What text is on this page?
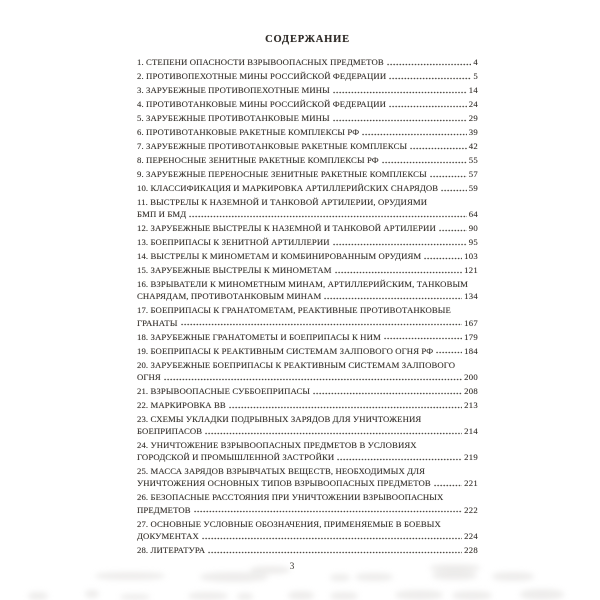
СОДЕРЖАНИЕ
1. СТЕПЕНИ ОПАСНОСТИ ВЗРЫВООПАСНЫХ ПРЕДМЕТОВ	4
2. ПРОТИВОПЕХОТНЫЕ МИНЫ РОССИЙСКОЙ ФЕДЕРАЦИИ	5
3. ЗАРУБЕЖНЫЕ ПРОТИВОПЕХОТНЫЕ МИНЫ	14
4. ПРОТИВОТАНКОВЫЕ МИНЫ РОССИЙСКОЙ ФЕДЕРАЦИИ	24
5. ЗАРУБЕЖНЫЕ ПРОТИВОТАНКОВЫЕ МИНЫ	29
6. ПРОТИВОТАНКОВЫЕ РАКЕТНЫЕ КОМПЛЕКСЫ РФ	39
7. ЗАРУБЕЖНЫЕ ПРОТИВОТАНКОВЫЕ РАКЕТНЫЕ КОМПЛЕКСЫ	42
8. ПЕРЕНОСНЫЕ ЗЕНИТНЫЕ РАКЕТНЫЕ КОМПЛЕКСЫ РФ	55
9. ЗАРУБЕЖНЫЕ ПЕРЕНОСНЫЕ ЗЕНИТНЫЕ РАКЕТНЫЕ КОМПЛЕКСЫ	57
10. КЛАССИФИКАЦИЯ И МАРКИРОВКА АРТИЛЛЕРИЙСКИХ СНАРЯДОВ	59
11. ВЫСТРЕЛЫ К НАЗЕМНОЙ И ТАНКОВОЙ АРТИЛЕРИИ, ОРУДИЯМИ
БМП И БМД	64
12. ЗАРУБЕЖНЫЕ ВЫСТРЕЛЫ К НАЗЕМНОЙ И ТАНКОВОЙ АРТИЛЕРИИ	90
13. БОЕПРИПАСЫ К ЗЕНИТНОЙ АРТИЛЛЕРИИ	95
14. ВЫСТРЕЛЫ К МИНОМЕТАМ И КОМБИНИРОВАННЫМ ОРУДИЯМ	103
15. ЗАРУБЕЖНЫЕ ВЫСТРЕЛЫ К МИНОМЕТАМ	121
16. ВЗРЫВАТЕЛИ К МИНОМЕТНЫМ МИНАМ, АРТИЛЛЕРИЙСКИМ, ТАНКОВЫМ
СНАРЯДАМ, ПРОТИВОТАНКОВЫМ МИНАМ	134
17. БОЕПРИПАСЫ К ГРАНАТОМЕТАМ, РЕАКТИВНЫЕ ПРОТИВОТАНКОВЫЕ
ГРАНАТЫ	167
18. ЗАРУБЕЖНЫЕ ГРАНАТОМЕТЫ И БОЕПРИПАСЫ К НИМ	179
19. БОЕПРИПАСЫ К РЕАКТИВНЫМ СИСТЕМАМ ЗАЛПОВОГО ОГНЯ РФ	184
20. ЗАРУБЕЖНЫЕ БОЕПРИПАСЫ К РЕАКТИВНЫМ СИСТЕМАМ ЗАЛПОВОГО
ОГНЯ	200
21. ВЗРЫВООПАСНЫЕ СУББОЕПРИПАСЫ	208
22. МАРКИРОВКА ВВ	213
23. СХЕМЫ УКЛАДКИ ПОДРЫВНЫХ ЗАРЯДОВ ДЛЯ УНИЧТОЖЕНИЯ
БОЕПРИПАСОВ	214
24. УНИЧТОЖЕНИЕ ВЗРЫВООПАСНЫХ ПРЕДМЕТОВ В УСЛОВИЯХ
ГОРОДСКОЙ И ПРОМЫШЛЕННОЙ ЗАСТРОЙКИ	219
25. МАССА ЗАРЯДОВ ВЗРЫВЧАТЫХ ВЕЩЕСТВ, НЕОБХОДИМЫХ ДЛЯ
УНИЧТОЖЕНИЯ ОСНОВНЫХ ТИПОВ ВЗРЫВООПАСНЫХ ПРЕДМЕТОВ	221
26. БЕЗОПАСНЫЕ РАССТОЯНИЯ ПРИ УНИЧТОЖЕНИИ ВЗРЫВООПАСНЫХ
ПРЕДМЕТОВ	222
27. ОСНОВНЫЕ УСЛОВНЫЕ ОБОЗНАЧЕНИЯ, ПРИМЕНЯЕМЫЕ В БОЕВЫХ
ДОКУМЕНТАХ	224
28. ЛИТЕРАТУРА	228
3
